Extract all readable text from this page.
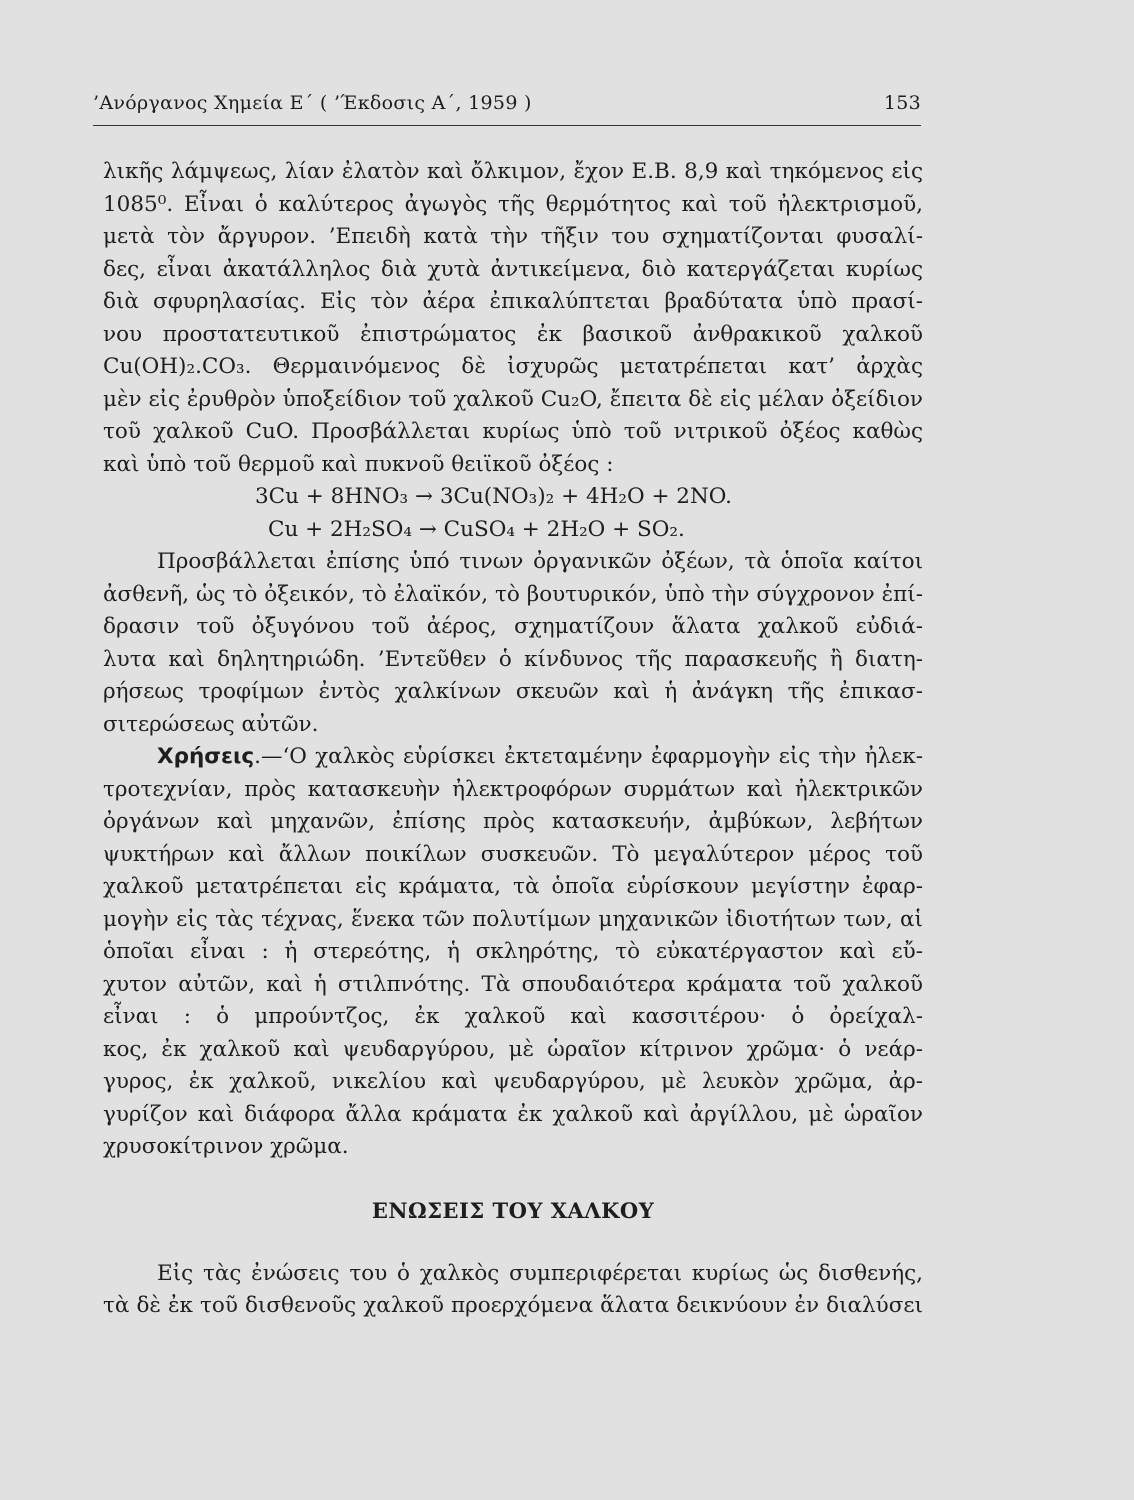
’Ανόργανος Χημεία Ε΄ ( ’Έκδοσις Α΄, 1959 )	153
λικῆς λάμψεως, λίαν ἐλατὸν καὶ ὄλκιμον, ἔχον Ε.Β. 8,9 καὶ τηκόμενος εἰς
1085⁰. Εἶναι ὁ καλύτερος ἀγωγὸς τῆς θερμότητος καὶ τοῦ ἠλεκτρισμοῦ,
μετὰ τὸν ἄργυρον. ’Επειδὴ κατὰ τὴν τῆξιν του σχηματίζονται φυσαλί-
δες, εἶναι ἀκατάλληλος διὰ χυτὰ ἀντικείμενα, διὸ κατεργάζεται κυρίως
διὰ σφυρηλασίας. Εἰς τὸν ἀέρα ἐπικαλύπτεται βραδύτατα ὑπὸ πρασί-
νου προστατευτικοῦ ἐπιστρώματος ἐκ βασικοῦ ἀνθρακικοῦ χαλκοῦ
Cu(OH)₂.CO₃. Θερμαινόμενος δὲ ἰσχυρῶς μετατρέπεται κατ’ ἀρχὰς
μὲν εἰς ἐρυθρὸν ὑποξείδιον τοῦ χαλκοῦ Cu₂O, ἔπειτα δὲ εἰς μέλαν ὀξείδιον
τοῦ χαλκοῦ CuO. Προσβάλλεται κυρίως ὑπὸ τοῦ νιτρικοῦ ὀξέος καθὼς
καὶ ὑπὸ τοῦ θερμοῦ καὶ πυκνοῦ θειϊκοῦ ὀξέος :
3Cu + 8HNO₃ → 3Cu(NO₃)₂ + 4H₂O + 2NO.
Cu + 2H₂SO₄ → CuSO₄ + 2H₂O + SO₂.
Προσβάλλεται ἐπίσης ὑπό τινων ὀργανικῶν ὀξέων, τὰ ὁποῖα καίτοι
ἀσθενῆ, ὡς τὸ ὀξεικόν, τὸ ἐλαϊκόν, τὸ βουτυρικόν, ὑπὸ τὴν σύγχρονον ἐπί-
δρασιν τοῦ ὀξυγόνου τοῦ ἀέρος, σχηματίζουν ἅλατα χαλκοῦ εὐδιά-
λυτα καὶ δηλητηριώδη. ’Εντεῦθεν ὁ κίνδυνος τῆς παρασκευῆς ἢ διατη-
ρήσεως τροφίμων ἐντὸς χαλκίνων σκευῶν καὶ ἡ ἀνάγκη τῆς ἐπικασ-
σιτερώσεως αὐτῶν.
Χρήσεις.—‘Ο χαλκὸς εὑρίσκει ἐκτεταμένην ἐφαρμογὴν εἰς τὴν ἠλεκ-
τροτεχνίαν, πρὸς κατασκευὴν ἠλεκτροφόρων συρμάτων καὶ ἠλεκτρικῶν
ὀργάνων καὶ μηχανῶν, ἐπίσης πρὸς κατασκευήν, ἀμβύκων, λεβήτων
ψυκτήρων καὶ ἄλλων ποικίλων συσκευῶν. Τὸ μεγαλύτερον μέρος τοῦ
χαλκοῦ μετατρέπεται εἰς κράματα, τὰ ὁποῖα εὑρίσκουν μεγίστην ἐφαρ-
μογὴν εἰς τὰς τέχνας, ἕνεκα τῶν πολυτίμων μηχανικῶν ἰδιοτήτων των, αἱ
ὁποῖαι εἶναι : ἡ στερεότης, ἡ σκληρότης, τὸ εὐκατέργαστον καὶ εὔ-
χυτον αὐτῶν, καὶ ἡ στιλπνότης. Τὰ σπουδαιότερα κράματα τοῦ χαλκοῦ
εἶναι : ὁ μπρούντζος, ἐκ χαλκοῦ καὶ κασσιτέρου· ὁ ὀρείχαλ-
κος, ἐκ χαλκοῦ καὶ ψευδαργύρου, μὲ ὡραῖον κίτρινον χρῶμα· ὁ νεάρ-
γυρος, ἐκ χαλκοῦ, νικελίου καὶ ψευδαργύρου, μὲ λευκὸν χρῶμα, ἀρ-
γυρίζον καὶ διάφορα ἄλλα κράματα ἐκ χαλκοῦ καὶ ἀργίλλου, μὲ ὡραῖον
χρυσοκίτρινον χρῶμα.
ΕΝΩΣΕΙΣ ΤΟΥ ΧΑΛΚΟΥ
Εἰς τὰς ἐνώσεις του ὁ χαλκὸς συμπεριφέρεται κυρίως ὡς δισθενής,
τὰ δὲ ἐκ τοῦ δισθενοῦς χαλκοῦ προερχόμενα ἅλατα δεικνύουν ἐν διαλύσει
